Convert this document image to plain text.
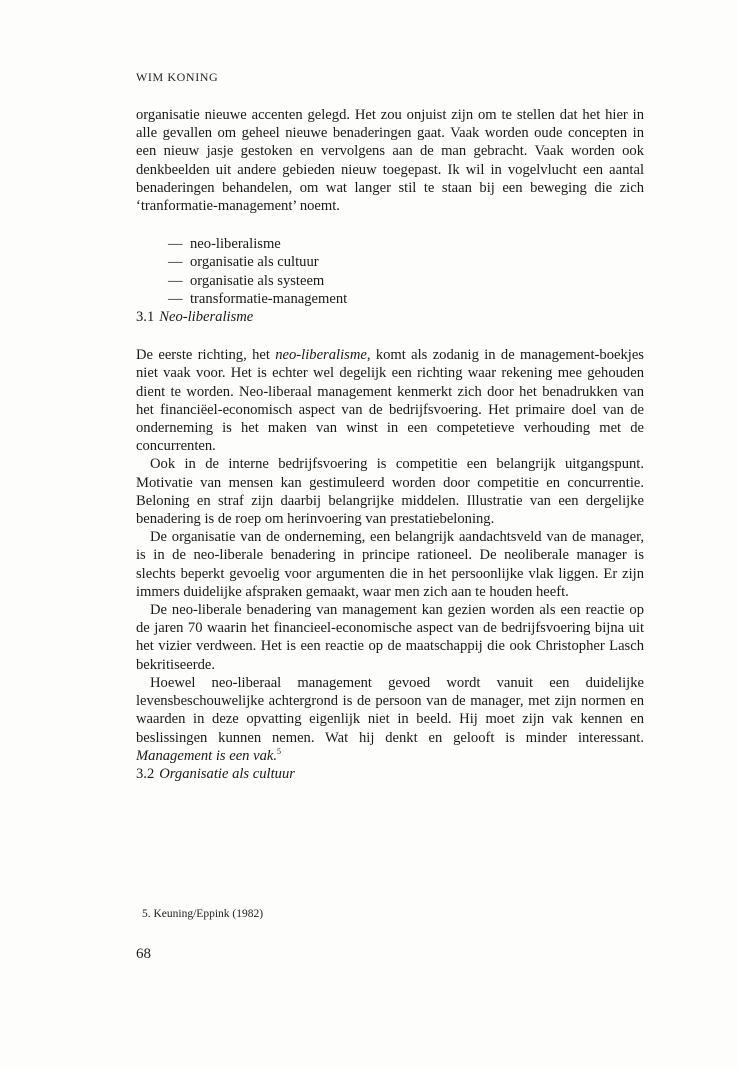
WIM KONING

organisatie nieuwe accenten gelegd. Het zou onjuist zijn om te stellen dat het hier in alle gevallen om geheel nieuwe benaderingen gaat. Vaak worden oude concepten in een nieuw jasje gestoken en vervolgens aan de man gebracht. Vaak worden ook denkbeelden uit andere gebieden nieuw toegepast. Ik wil in vogelvlucht een aantal benaderingen behandelen, om wat langer stil te staan bij een beweging die zich ‘tranformatie-management’ noemt.

— neo-liberalisme
— organisatie als cultuur
— organisatie als systeem
— transformatie-management

3.1 Neo-liberalisme

De eerste richting, het neo-liberalisme, komt als zodanig in de management-boekjes niet vaak voor. Het is echter wel degelijk een richting waar rekening mee gehouden dient te worden. Neo-liberaal management kenmerkt zich door het benadrukken van het financiëel-economisch aspect van de bedrijfsvoering. Het primaire doel van de onderneming is het maken van winst in een competetieve verhouding met de concurrenten.

Ook in de interne bedrijfsvoering is competitie een belangrijk uitgangspunt. Motivatie van mensen kan gestimuleerd worden door competitie en concurrentie. Beloning en straf zijn daarbij belangrijke middelen. Illustratie van een dergelijke benadering is de roep om herinvoering van prestatiebeloning.

De organisatie van de onderneming, een belangrijk aandachtsveld van de manager, is in de neo-liberale benadering in principe rationeel. De neoliberale manager is slechts beperkt gevoelig voor argumenten die in het persoonlijke vlak liggen. Er zijn immers duidelijke afspraken gemaakt, waar men zich aan te houden heeft.

De neo-liberale benadering van management kan gezien worden als een reactie op de jaren 70 waarin het financieel-economische aspect van de bedrijfsvoering bijna uit het vizier verdween. Het is een reactie op de maatschappij die ook Christopher Lasch bekritiseerde.

Hoewel neo-liberaal management gevoed wordt vanuit een duidelijke levensbeschouwelijke achtergrond is de persoon van de manager, met zijn normen en waarden in deze opvatting eigenlijk niet in beeld. Hij moet zijn vak kennen en beslissingen kunnen nemen. Wat hij denkt en gelooft is minder interessant. Management is een vak.$^5$

3.2 Organisatie als cultuur

5. Keuning/Eppink (1982)
68
